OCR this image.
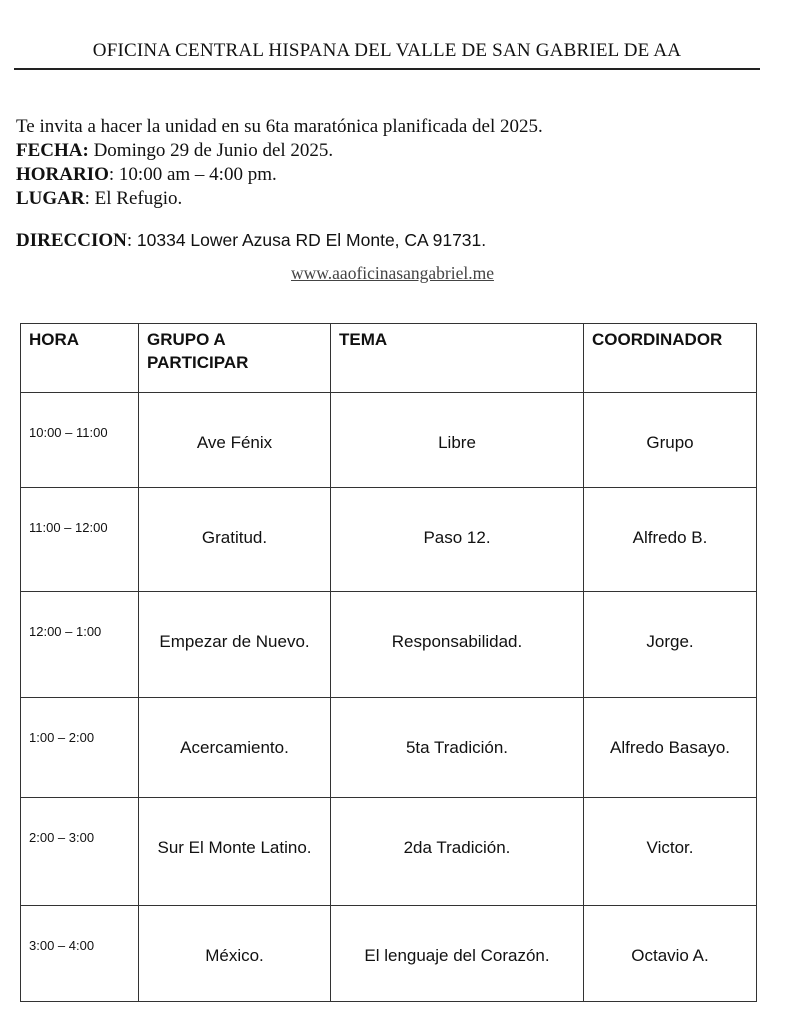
OFICINA CENTRAL HISPANA DEL VALLE DE SAN GABRIEL DE AA

Te invita a hacer la unidad en su 6ta maratónica planificada del 2025.

FECHA: Domingo 29 de Junio del 2025.

HORARIO: 10:00 am – 4:00 pm.

LUGAR: El Refugio.

DIRECCION: 10334 Lower Azusa RD El Monte, CA 91731.
www.aaoficinasangabriel.me
HORA	GRUPO A PARTICIPAR	TEMA	COORDINADOR
10:00 – 11:00	Ave Fénix	Libre	Grupo
11:00 – 12:00	Gratitud.	Paso 12.	Alfredo B.
12:00 – 1:00	Empezar de Nuevo.	Responsabilidad.	Jorge.
1:00 – 2:00	Acercamiento.	5ta Tradición.	Alfredo Basayo.
2:00 – 3:00	Sur El Monte Latino.	2da Tradición.	Victor.
3:00 – 4:00	México.	El lenguaje del Corazón.	Octavio A.
